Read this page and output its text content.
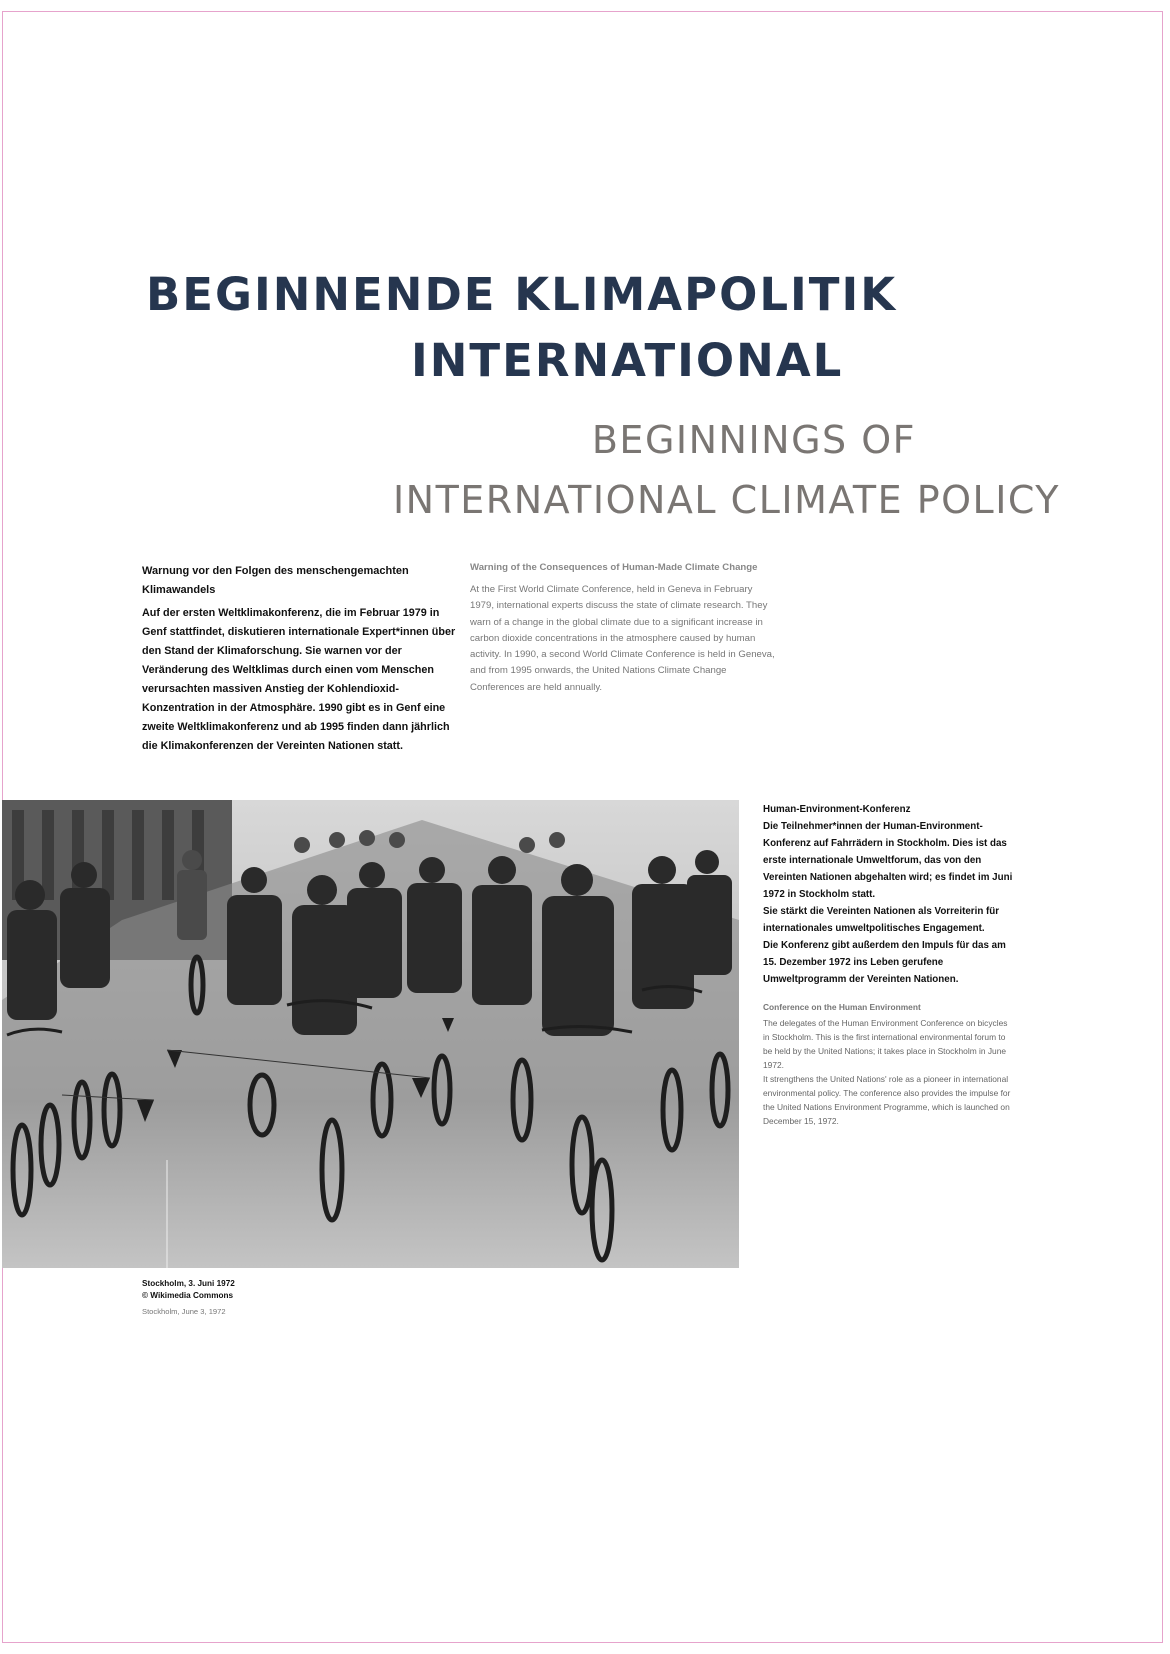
BEGINNENDE KLIMAPOLITIK
INTERNATIONAL
BEGINNINGS OF
INTERNATIONAL CLIMATE POLICY
Warnung vor den Folgen des menschengemachten Klimawandels

Auf der ersten Weltklimakonferenz, die im Februar 1979 in Genf stattfindet, diskutieren internationale Expert*innen über den Stand der Klimaforschung. Sie warnen vor der Veränderung des Weltklimas durch einen vom Menschen verursachten massiven Anstieg der Kohlendioxid-Konzentration in der Atmosphäre. 1990 gibt es in Genf eine zweite Weltklimakonferenz und ab 1995 finden dann jährlich die Klimakonferenzen der Vereinten Nationen statt.

Warning of the Consequences of Human-Made Climate Change

At the First World Climate Conference, held in Geneva in February 1979, international experts discuss the state of climate research. They warn of a change in the global climate due to a significant increase in carbon dioxide concentrations in the atmosphere caused by human activity. In 1990, a second World Climate Conference is held in Geneva, and from 1995 onwards, the United Nations Climate Change Conferences are held annually.

Human-Environment-Konferenz

Die Teilnehmer*innen der Human-Environment-Konferenz auf Fahrrädern in Stockholm. Dies ist das erste internationale Umweltforum, das von den Vereinten Nationen abgehalten wird; es findet im Juni 1972 in Stockholm statt.

Sie stärkt die Vereinten Nationen als Vorreiterin für internationales umweltpolitisches Engagement.

Die Konferenz gibt außerdem den Impuls für das am 15. Dezember 1972 ins Leben gerufene Umweltprogramm der Vereinten Nationen.

Conference on the Human Environment

The delegates of the Human Environment Conference on bicycles in Stockholm. This is the first international environmental forum to be held by the United Nations; it takes place in Stockholm in June 1972.

It strengthens the United Nations' role as a pioneer in international environmental policy. The conference also provides the impulse for the United Nations Environment Programme, which is launched on December 15, 1972.

Stockholm, 3. Juni 1972
© Wikimedia Commons
Stockholm, June 3, 1972
